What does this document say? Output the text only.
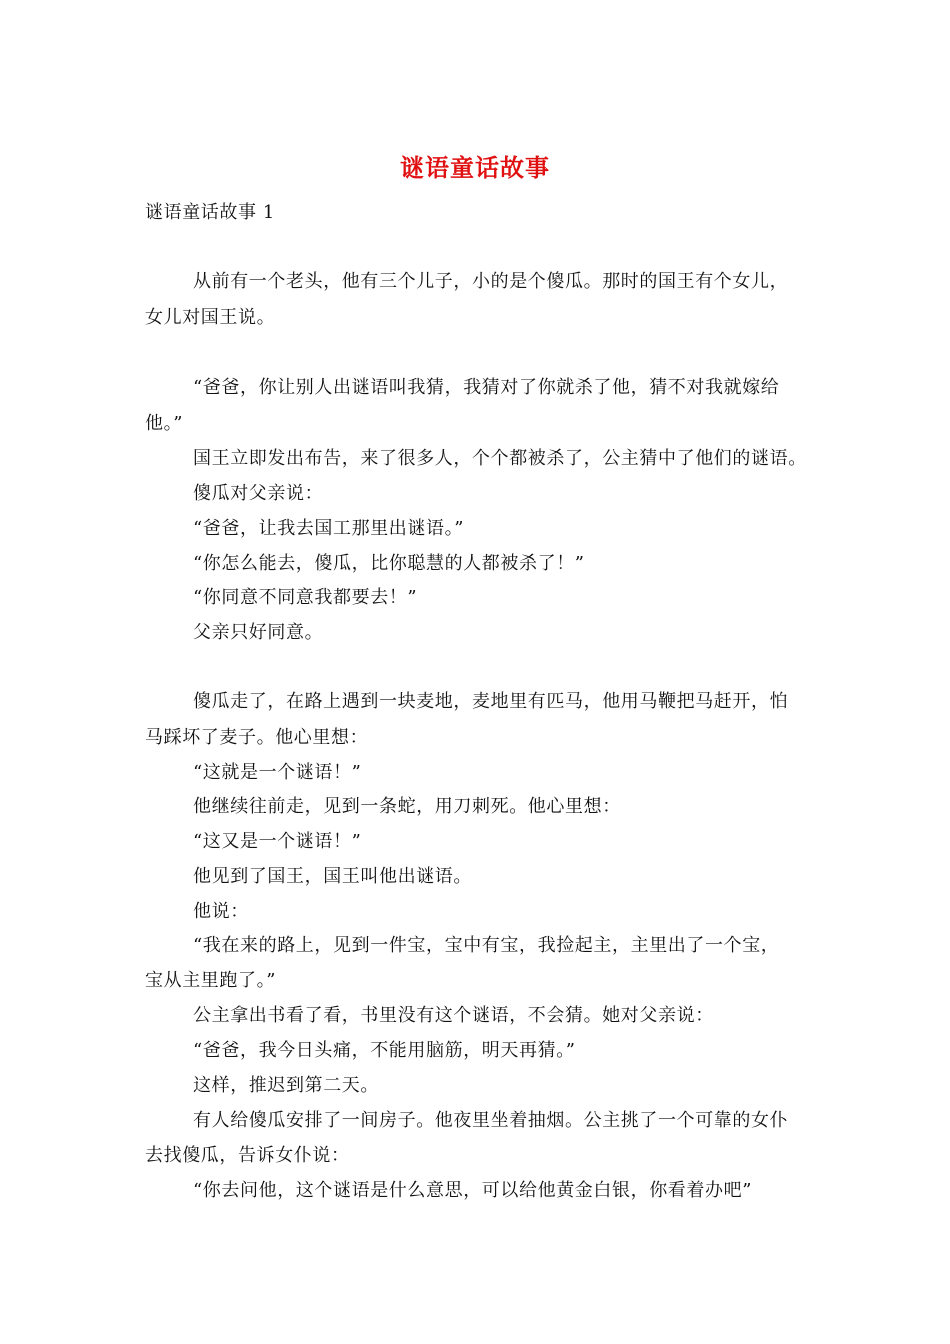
谜语童话故事
谜语童话故事 1
从前有一个老头，他有三个儿子，小的是个傻瓜。那时的国王有个女儿，
女儿对国王说。
“爸爸，你让别人出谜语叫我猜，我猜对了你就杀了他，猜不对我就嫁给
他。”
国王立即发出布告，来了很多人，个个都被杀了，公主猜中了他们的谜语。
傻瓜对父亲说：
“爸爸，让我去国工那里出谜语。”
“你怎么能去，傻瓜，比你聪慧的人都被杀了！”
“你同意不同意我都要去！”
父亲只好同意。
傻瓜走了，在路上遇到一块麦地，麦地里有匹马，他用马鞭把马赶开，怕
马踩坏了麦子。他心里想：
“这就是一个谜语！”
他继续往前走，见到一条蛇，用刀刺死。他心里想：
“这又是一个谜语！”
他见到了国王，国王叫他出谜语。
他说：
“我在来的路上，见到一件宝，宝中有宝，我捡起主，主里出了一个宝，
宝从主里跑了。”
公主拿出书看了看，书里没有这个谜语，不会猜。她对父亲说：
“爸爸，我今日头痛，不能用脑筋，明天再猜。”
这样，推迟到第二天。
有人给傻瓜安排了一间房子。他夜里坐着抽烟。公主挑了一个可靠的女仆
去找傻瓜，告诉女仆说：
“你去问他，这个谜语是什么意思，可以给他黄金白银，你看着办吧”
